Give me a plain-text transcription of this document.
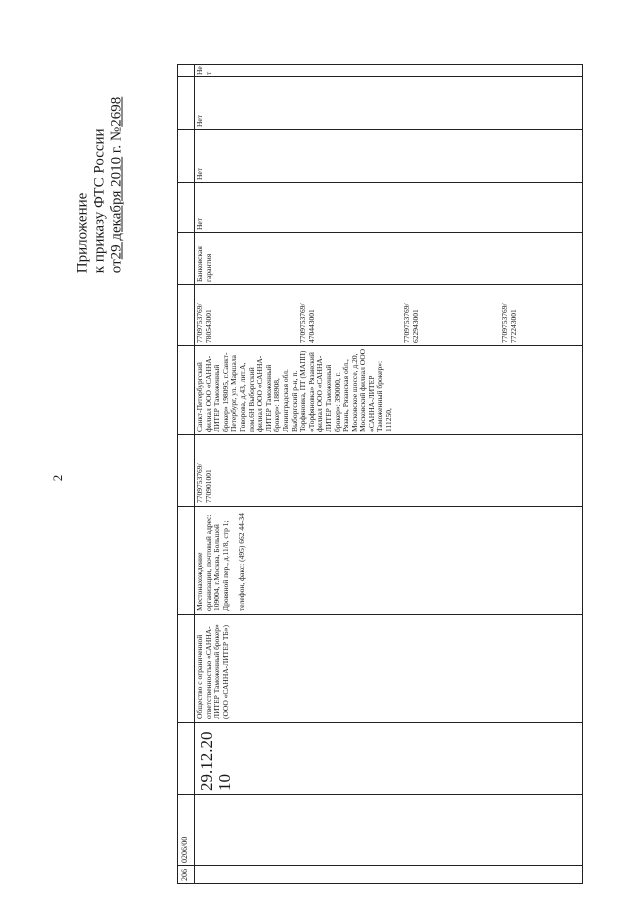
Приложение к приказу ФТС России от29 декабря 2010 г. №2698
2
206
0206/00
29.12.2010
Общество с ограниченной ответственностью «САННА-ЛИТЕР Таможенный брокер» (ООО «САННА-ЛИТЕР ТБ»)
Местонахождение организации, почтовый адрес: 109004, г.Москва, Большой Дровяной пер., д.11/8, стр 1; телефон, факс: (495) 662 44-34
7709753769/ 770901001
7709753769/ 780543001
Санкт-Петербургский филиал ООО «САННА-ЛИТЕР Таможенный брокер» 198095, г.Санкт-Петербург, ул. Маршала Говорова, д.43, лит.А, пом.6Н Выборгский филиал ООО «САННА-ЛИТЕР Таможенный брокер»: 188908, Ленинградская обл. Выборгский р-н, п. Торфяновка, ПТ (МАПП) «Торфяновка» Рязанский филиал ООО «САННА-ЛИТЕР Таможенный брокер»: 390000, г. Рязань, Рязанская обл., Московское шоссе, д.20, Московский филиал ООО «САННА-ЛИТЕР Таможенный брокер»: 111250,
7709753769/ 470443001	7709753769/ 622943001	7709753769/ 772243001
Банковская гарантия
Нет
Нет
Нет
Нет
